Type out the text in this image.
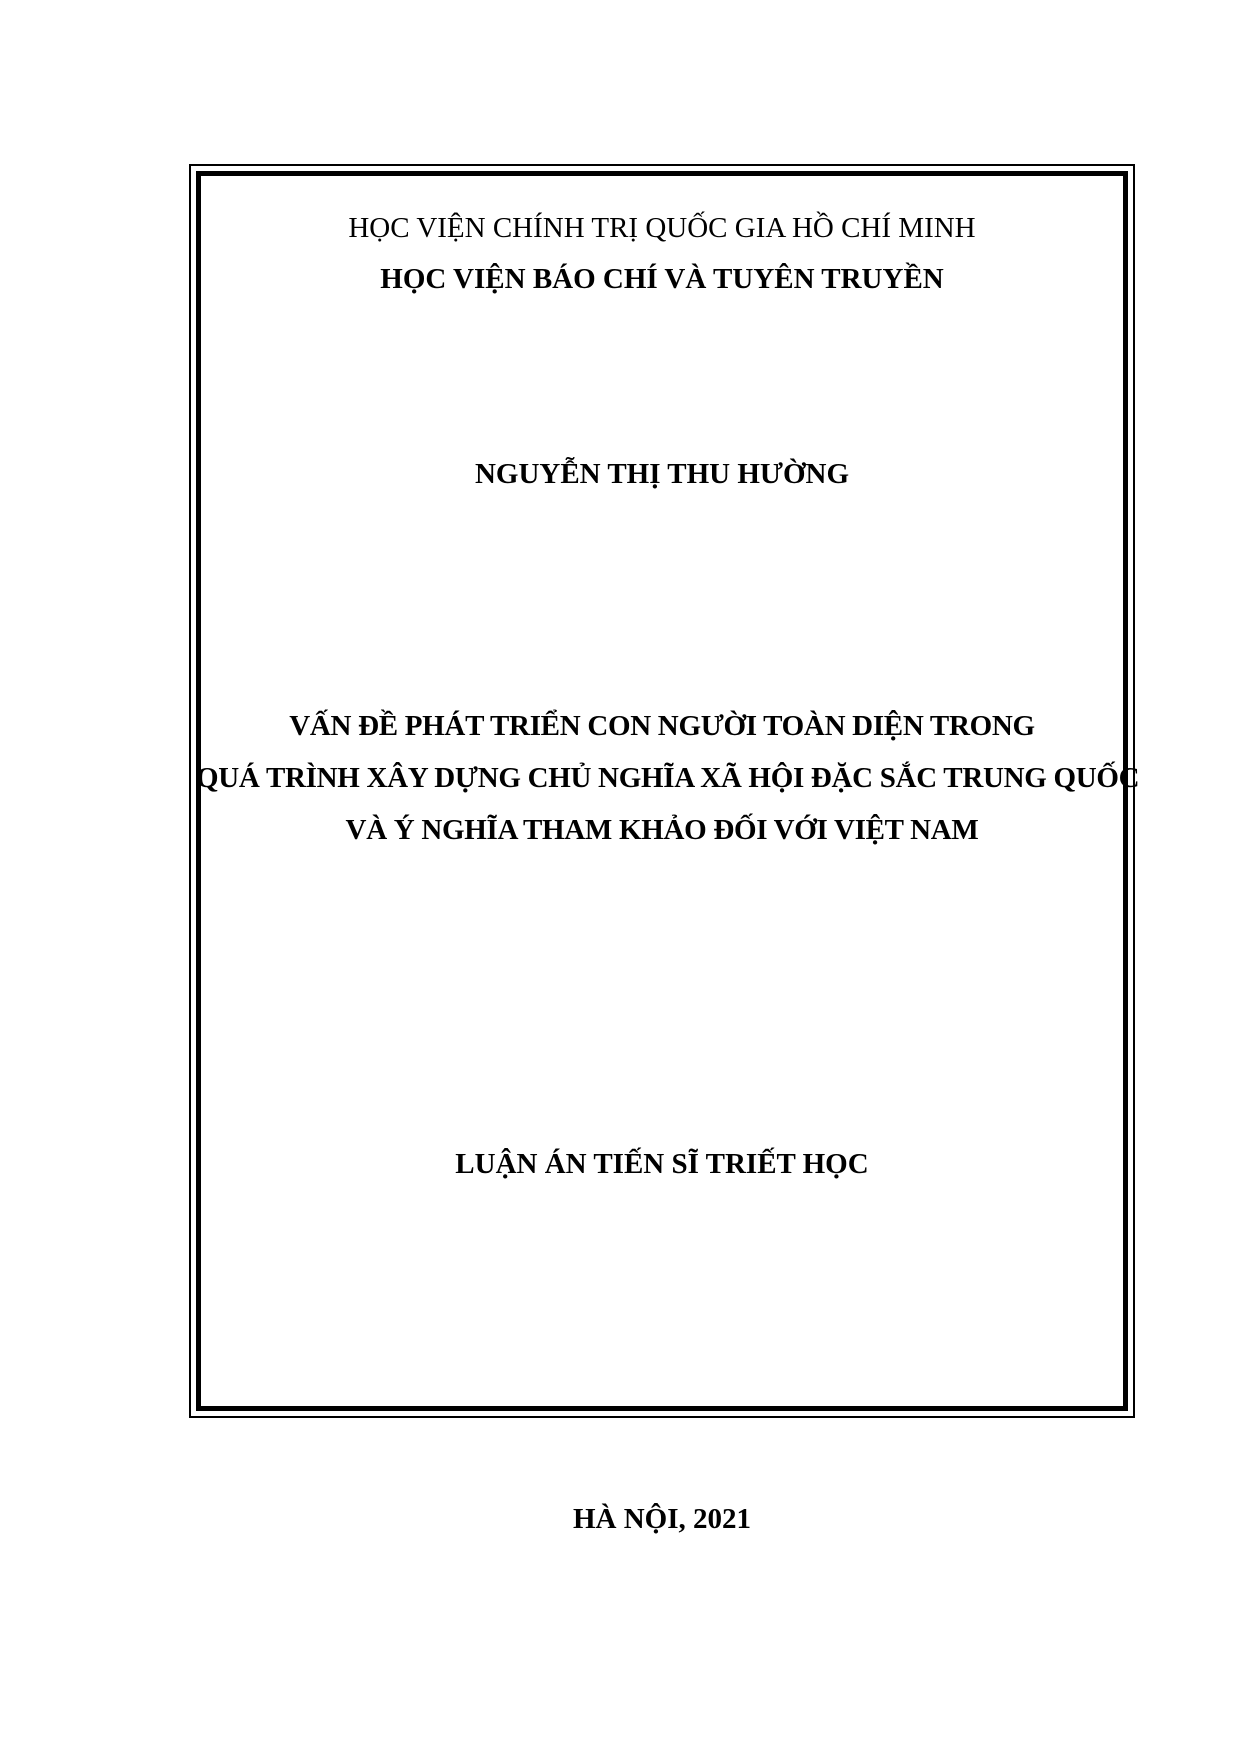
HỌC VIỆN CHÍNH TRỊ QUỐC GIA HỒ CHÍ MINH
HỌC VIỆN BÁO CHÍ VÀ TUYÊN TRUYỀN
NGUYỄN THỊ THU HƯỜNG
VẤN ĐỀ PHÁT TRIỂN CON NGƯỜI TOÀN DIỆN TRONG
QUÁ TRÌNH XÂY DỰNG CHỦ NGHĨA XÃ HỘI ĐẶC SẮC TRUNG QUỐC
VÀ Ý NGHĨA THAM KHẢO ĐỐI VỚI VIỆT NAM
LUẬN ÁN TIẾN SĨ TRIẾT HỌC
HÀ NỘI, 2021
